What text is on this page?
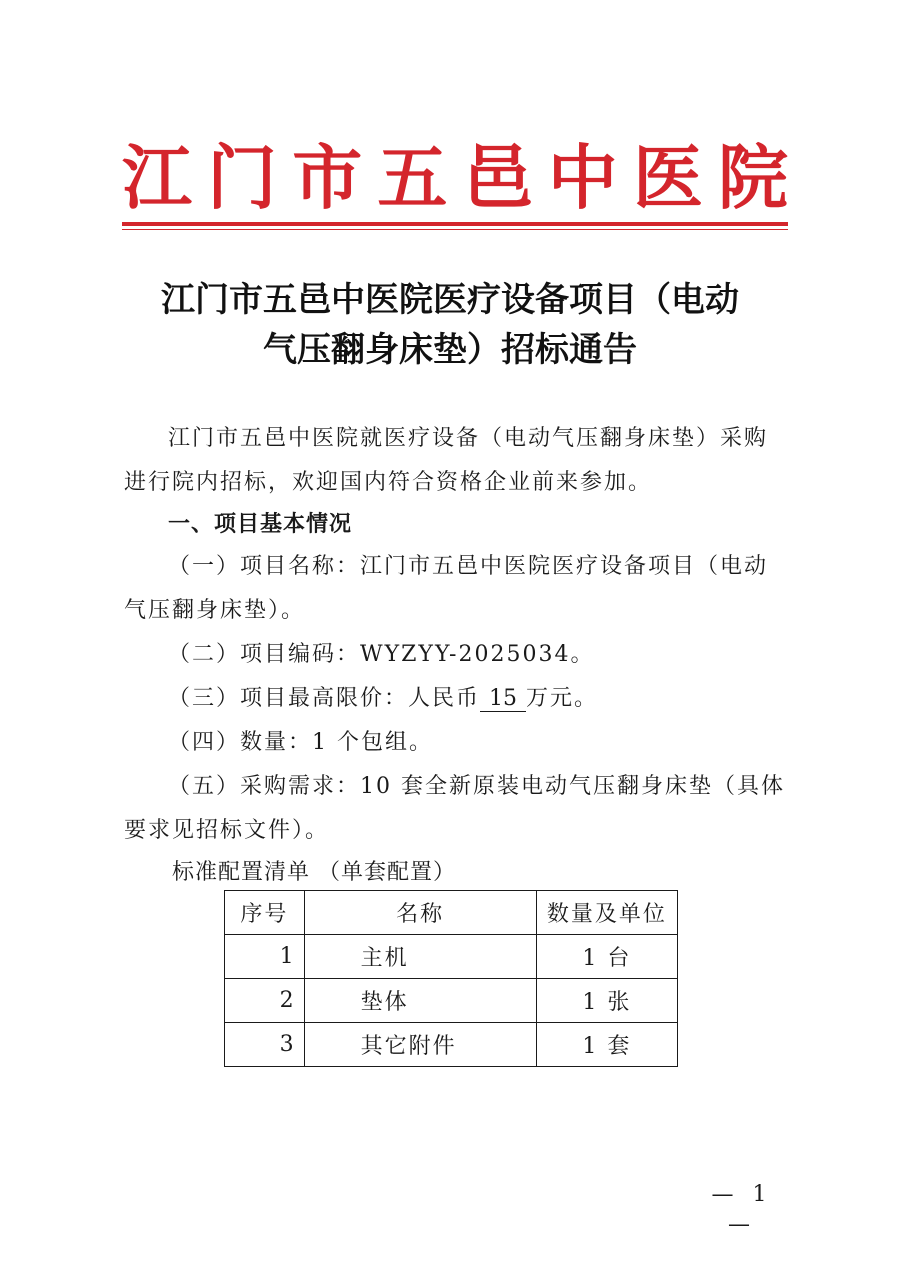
江 门 市 五 邑 中 医 院
江门市五邑中医院医疗设备项目（电动
气压翻身床垫）招标通告
江门市五邑中医院就医疗设备（电动气压翻身床垫）采购
进行院内招标，欢迎国内符合资格企业前来参加。
一、项目基本情况
（一）项目名称：江门市五邑中医院医疗设备项目（电动
气压翻身床垫）。
（二）项目编码：WYZYY-2025034。
（三）项目最高限价：人民币 15 万元。
（四）数量：1 个包组。
（五）采购需求：10 套全新原装电动气压翻身床垫（具体
要求见招标文件）。
标准配置清单 （单套配置）
序号	名称	数量及单位
1	主机	1 台
2	垫体	1 张
3	其它附件	1 套
— 1 —
